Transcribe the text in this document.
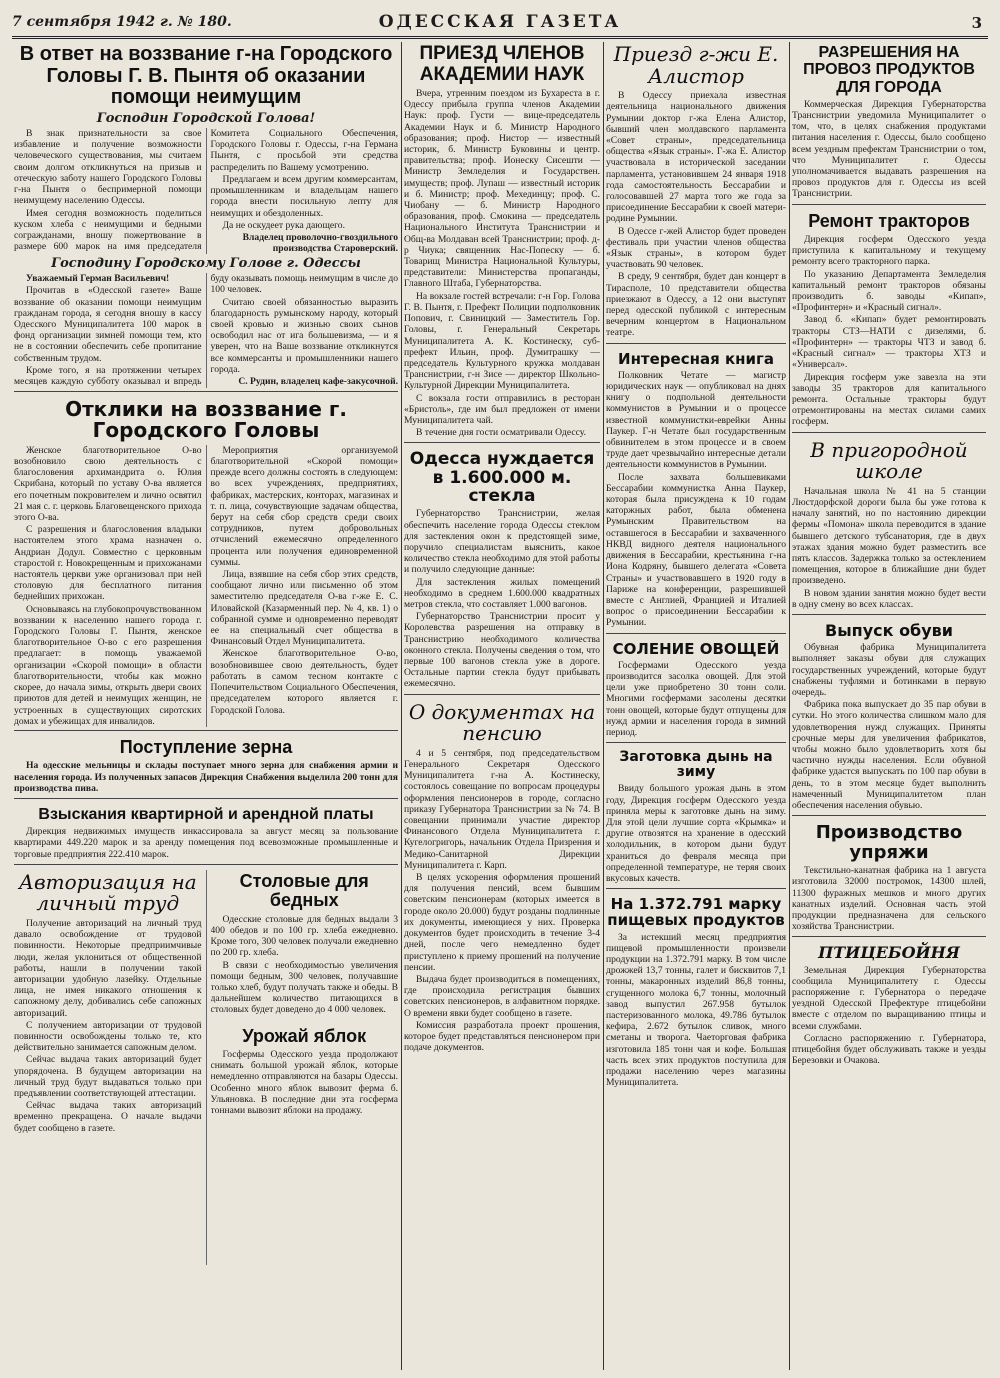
7 сентября 1942 г. № 180.	ОДЕССКАЯ ГАЗЕТА	3
В ответ на воззвание г-на Городского Головы Г. В. Пынтя об оказании помощи неимущим
Господин Городской Голова!

В знак признательности за свое избавление и получение возможности человеческого существования, мы считаем своим долгом откликнуться на призыв и отеческую заботу нашего Городского Головы г-на Пынтя о беспримерной помощи неимущему населению Одессы.

Имея сегодня возможность поделиться куском хлеба с неимущими и бедными согражданами, вношу пожертвование в размере 600 марок на имя председателя Комитета Социального Обеспечения, Городского Головы г. Одессы, г-на Германа Пынтя, с просьбой эти средства распределить по Вашему усмотрению.

Предлагаем и всем другим коммерсантам, промышленникам и владельцам нашего города внести посильную лепту для неимущих и обездоленных.

Да не оскудеет рука дающего.

Владелец проволочно-гвоздильного производства Староверский.
Господину Городскому Голове г. Одессы

Уважаемый Герман Васильевич!

Прочитав в «Одесской газете» Ваше воззвание об оказании помощи неимущим гражданам города, я сегодня вношу в кассу Одесского Муниципалитета 100 марок в фонд организации зимней помощи тем, кто не в состоянии обеспечить себе пропитание собственным трудом.

Кроме того, я на протяжении четырех месяцев каждую субботу оказывал и впредь буду оказывать помощь неимущим в числе до 100 человек.

Считаю своей обязанностью выразить благодарность румынскому народу, который своей кровью и жизнью своих сынов освободил нас от ига большевизма, — и я уверен, что на Ваше воззвание откликнутся все коммерсанты и промышленники нашего города.

С. Рудин, владелец кафе-закусочной.
Отклики на воззвание г. Городского Головы

Женское благотворительное О-во возобновило свою деятельность с благословения архимандрита о. Юлия Скрибана, который по уставу О-ва является его почетным покровителем и лично освятил 21 мая с. г. церковь Благовещенского прихода этого О-ва.

С разрешения и благословения владыки настоятелем этого храма назначен о. Андриан Додул. Совместно с церковным старостой г. Новокрещенным и прихожанами настоятель церкви уже организовал при ней столовую для бесплатного питания беднейших прихожан.

Основываясь на глубокопрочувствованном воззвании к населению нашего города г. Городского Головы Г. Пынтя, женское благотворительное О-во с его разрешения предлагает: в помощь уважаемой организации «Скорой помощи» в области благотворительности, чтобы как можно скорее, до начала зимы, открыть двери своих приютов для детей и неимущих женщин, не устроенных в существующих сиротских домах и убежищах для инвалидов.

Мероприятия организуемой благотворительной «Скорой помощи» прежде всего должны состоять в следующем: во всех учреждениях, предприятиях, фабриках, мастерских, конторах, магазинах и т. п. лица, сочувствующие задачам общества, берут на себя сбор средств среди своих сотрудников, путем добровольных отчислений ежемесячно определенного процента или получения единовременной суммы.

Лица, взявшие на себя сбор этих средств, сообщают лично или письменно об этом заместителю председателя О-ва г-же Е. С. Иловайской (Казарменный пер. № 4, кв. 1) о собранной сумме и одновременно переводят ее на специальный счет общества в Финансовый Отдел Муниципалитета.

Женское благотворительное О-во, возобновившее свою деятельность, будет работать в самом тесном контакте с Попечительством Социального Обеспечения, председателем которого является г. Городской Голова.

Поступление зерна

На одесские мельницы и склады поступает много зерна для снабжения армии и населения города. Из полученных запасов Дирекция Снабжения выделила 200 тонн для производства пива.

Взыскания квартирной и арендной платы

Дирекция недвижимых имуществ инкассировала за август месяц за пользование квартирами 449.220 марок и за аренду помещения под всевозможные промышленные и торговые предприятия 222.410 марок.

Авторизация на личный труд

Получение авторизаций на личный труд давало освобождение от трудовой повинности. Некоторые предприимчивые люди, желая уклониться от общественной работы, нашли в получении такой авторизации удобную лазейку. Отдельные лица, не имея никакого отношения к сапожному делу, добивались себе сапожных авторизаций.

С получением авторизации от трудовой повинности освобождены только те, кто действительно занимается сапожным делом.

Сейчас выдача таких авторизаций будет упорядочена. В будущем авторизации на личный труд будут выдаваться только при предъявлении соответствующей аттестации.

Сейчас выдача таких авторизаций временно прекращена. О начале выдачи будет сообщено в газете.

Столовые для бедных

Одесские столовые для бедных выдали 3 400 обедов и по 100 гр. хлеба ежедневно. Кроме того, 300 человек получали ежедневно по 200 гр. хлеба.

В связи с необходимостью увеличения помощи бедным, 300 человек, получавшие только хлеб, будут получать также и обеды. В дальнейшем количество питающихся в столовых будет доведено до 4 000 человек.

Урожай яблок

Госфермы Одесского уезда продолжают снимать большой урожай яблок, которые немедленно отправляются на базары Одессы. Особенно много яблок вывозит ферма б. Ульяновка. В последние дни эта госферма тоннами вывозит яблоки на продажу.

ПРИЕЗД ЧЛЕНОВ АКАДЕМИИ НАУК

Вчера, утренним поездом из Бухареста в г. Одессу прибыла группа членов Академии Наук: проф. Густи — вице-председатель Академии Наук и б. Министр Народного образования; проф. Нистор — известный историк, б. Министр Буковины и центр. правительства; проф. Ионеску Сисешти — Министр Земледелия и Государствен. имуществ; проф. Лупаш — известный историк и б. Министр; проф. Мехединцу; проф. С. Чиобану — б. Министр Народного образования, проф. Смокина — председатель Национального Института Транснистрии и Общ-ва Молдаван всей Транснистрии; проф. д-р Чиука; священник Нас-Попеску — б. Товарищ Министра Национальной Культуры, представители: Министерства пропаганды, Главного Штаба, Губернаторства.

На вокзале гостей встречали: г-н Гор. Голова Г. В. Пынтя, г. Префект Полиции подполковник Попович, г. Свиницкий — Заместитель Гор. Головы, г. Генеральный Секретарь Муниципалитета А. К. Костинеску, суб-префект Ильин, проф. Думитрашку — председатель Культурного кружка молдаван Транснистрии, г-н Зисе — директор Школьно-Культурной Дирекции Муниципалитета.

С вокзала гости отправились в ресторан «Бристоль», где им был предложен от имени Муниципалитета чай.

В течение дня гости осматривали Одессу.

Одесса нуждается в 1.600.000 м. стекла

Губернаторство Транснистрии, желая обеспечить население города Одессы стеклом для застекления окон к предстоящей зиме, поручило специалистам выяснить, какое количество стекла необходимо для этой работы и получило следующие данные:

Для застекления жилых помещений необходимо в среднем 1.600.000 квадратных метров стекла, что составляет 1.000 вагонов.

Губернаторство Транснистрии просит у Королевства разрешения на отправку в Транснистрию необходимого количества оконного стекла. Получены сведения о том, что первые 100 вагонов стекла уже в дороге. Остальные партии стекла будут прибывать ежемесячно.

О документах на пенсию

4 и 5 сентября, под председательством Генерального Секретаря Одесского Муниципалитета г-на А. Костинеску, состоялось совещание по вопросам процедуры оформления пенсионеров в городе, согласно приказу Губернатора Транснистрии за № 74. В совещании принимали участие директор Финансового Отдела Муниципалитета г. Кугелогригорь, начальник Отдела Призрения и Медико-Санитарной Дирекции Муниципалитета г. Карп.

В целях ускорения оформления прошений для получения пенсий, всем бывшим советским пенсионерам (которых имеется в городе около 20.000) будут розданы подлинные их документы, имеющиеся у них. Проверка документов будет происходить в течение 3-4 дней, после чего немедленно будет приступлено к приему прошений на получение пенсии.

Выдача будет производиться в помещениях, где происходила регистрация бывших советских пенсионеров, в алфавитном порядке. О времени явки будет сообщено в газете.

Комиссия разработала проект прошения, которое будет представляться пенсионером при подаче документов.

Приезд г-жи Е. Алистор

В Одессу приехала известная деятельница национального движения Румынии доктор г-жа Елена Алистор, бывший член молдавского парламента «Совет страны», председательница общества «Язык страны». Г-жа Е. Алистор участвовала в исторической заседании парламента, установившем 24 января 1918 года самостоятельность Бессарабии и голосовавшей 27 марта того же года за присоединение Бессарабии к своей матери-родине Румынии.

В Одессе г-жей Алистор будет проведен фестиваль при участии членов общества «Язык страны», в котором будет участвовать 90 человек.

В среду, 9 сентября, будет дан концерт в Тирасполе, 10 представители общества приезжают в Одессу, а 12 они выступят перед одесской публикой с интересным вечерним концертом в Национальном театре.

Интересная книга

Полковник Четате — магистр юридических наук — опубликовал на днях книгу о подпольной деятельности коммунистов в Румынии и о процессе известной коммунистки-еврейки Анны Паукер. Г-н Четате был государственным обвинителем в этом процессе и в своем труде дает чрезвычайно интересные детали деятельности коммунистов в Румынии.

После захвата большевиками Бессарабии коммунистка Анна Паукер, которая была присуждена к 10 годам каторжных работ, была обменена Румынским Правительством на оставшегося в Бессарабии и захваченного НКВД видного деятеля национального движения в Бессарабии, крестьянина г-на Иона Кодряну, бывшего делегата «Совета Страны» и участвовавшего в 1920 году в Париже на конференции, разрешившей вместе с Англией, Францией и Италией вопрос о присоединении Бессарабии к Румынии.

СОЛЕНИЕ ОВОЩЕЙ

Госфермами Одесского уезда производится засолка овощей. Для этой цели уже приобретено 30 тонн соли. Многими госфермами засолены десятки тонн овощей, которые будут отпущены для нужд армии и населения города в зимний период.

Заготовка дынь на зиму

Ввиду большого урожая дынь в этом году, Дирекция госферм Одесского уезда приняла меры к заготовке дынь на зиму. Для этой цели лучшие сорта «Крымка» и другие отвозятся на хранение в одесский холодильник, в котором дыни будут храниться до февраля месяца при определенной температуре, не теряя своих вкусовых качеств.

На 1.372.791 марку пищевых продуктов

За истекший месяц предприятия пищевой промышленности произвели продукции на 1.372.791 марку. В том числе дрожжей 13,7 тонны, галет и бисквитов 7,1 тонны, макаронных изделий 86,8 тонны, сгущенного молока 6,7 тонны, молочный завод выпустил 267.958 бутылок пастеризованного молока, 49.786 бутылок кефира, 2.672 бутылок сливок, много сметаны и творога. Чаеторговая фабрика изготовила 185 тонн чая и кофе. Большая часть всех этих продуктов поступила для продажи населению через магазины Муниципалитета.

РАЗРЕШЕНИЯ НА ПРОВОЗ ПРОДУКТОВ ДЛЯ ГОРОДА

Коммерческая Дирекция Губернаторства Транснистрии уведомила Муниципалитет о том, что, в целях снабжения продуктами питания населения г. Одессы, было сообщено всем уездным префектам Транснистрии о том, что Муниципалитет г. Одессы уполномачивается выдавать разрешения на провоз продуктов для г. Одессы из всей Транснистрии.

Ремонт тракторов

Дирекция госферм Одесского уезда приступила к капитальному и текущему ремонту всего тракторного парка.

По указанию Департамента Земледелия капитальный ремонт тракторов обязаны производить б. заводы «Кипап», «Профинтерн» и «Красный сигнал».

Завод б. «Кипап» будет ремонтировать тракторы СТЗ—НАТИ с дизелями, б. «Профинтерн» — тракторы ЧТЗ и завод б. «Красный сигнал» — тракторы ХТЗ и «Универсал».

Дирекция госферм уже завезла на эти заводы 35 тракторов для капитального ремонта. Остальные тракторы будут отремонтированы на местах силами самих госферм.

В пригородной школе

Начальная школа № 41 на 5 станции Люстдорфской дороги была бы уже готова к началу занятий, но по настоянию дирекции фермы «Помона» школа переводится в здание бывшего детского тубсанатория, где в двух этажах здания можно будет разместить все пять классов. Задержка только за остеклением помещения, которое в ближайшие дни будет произведено.

В новом здании занятия можно будет вести в одну смену во всех классах.

Выпуск обуви

Обувная фабрика Муниципалитета выполняет заказы обуви для служащих государственных учреждений, которые будут снабжены туфлями и ботинками в первую очередь.

Фабрика пока выпускает до 35 пар обуви в сутки. Но этого количества слишком мало для удовлетворения нужд служащих. Приняты срочные меры для увеличения фабрикатов, чтобы можно было удовлетворить хотя бы частично нужды населения. Если обувной фабрике удастся выпускать по 100 пар обуви в день, то в этом месяце будет выполнить намеченный Муниципалитетом план обеспечения населения обувью.

Производство упряжи

Текстильно-канатная фабрика на 1 августа изготовила 32000 постромок, 14300 шлей, 11300 фуражных мешков и много других канатных изделий. Основная часть этой продукции предназначена для сельского хозяйства Транснистрии.

ПТИЦЕБОЙНЯ

Земельная Дирекция Губернаторства сообщила Муниципалитету г. Одессы распоряжение г. Губернатора о передаче уездной Одесской Префектуре птицебойни вместе с отделом по выращиванию птицы и всеми службами.

Согласно распоряжению г. Губернатора, птицебойня будет обслуживать также и уезды Березовки и Очакова.
